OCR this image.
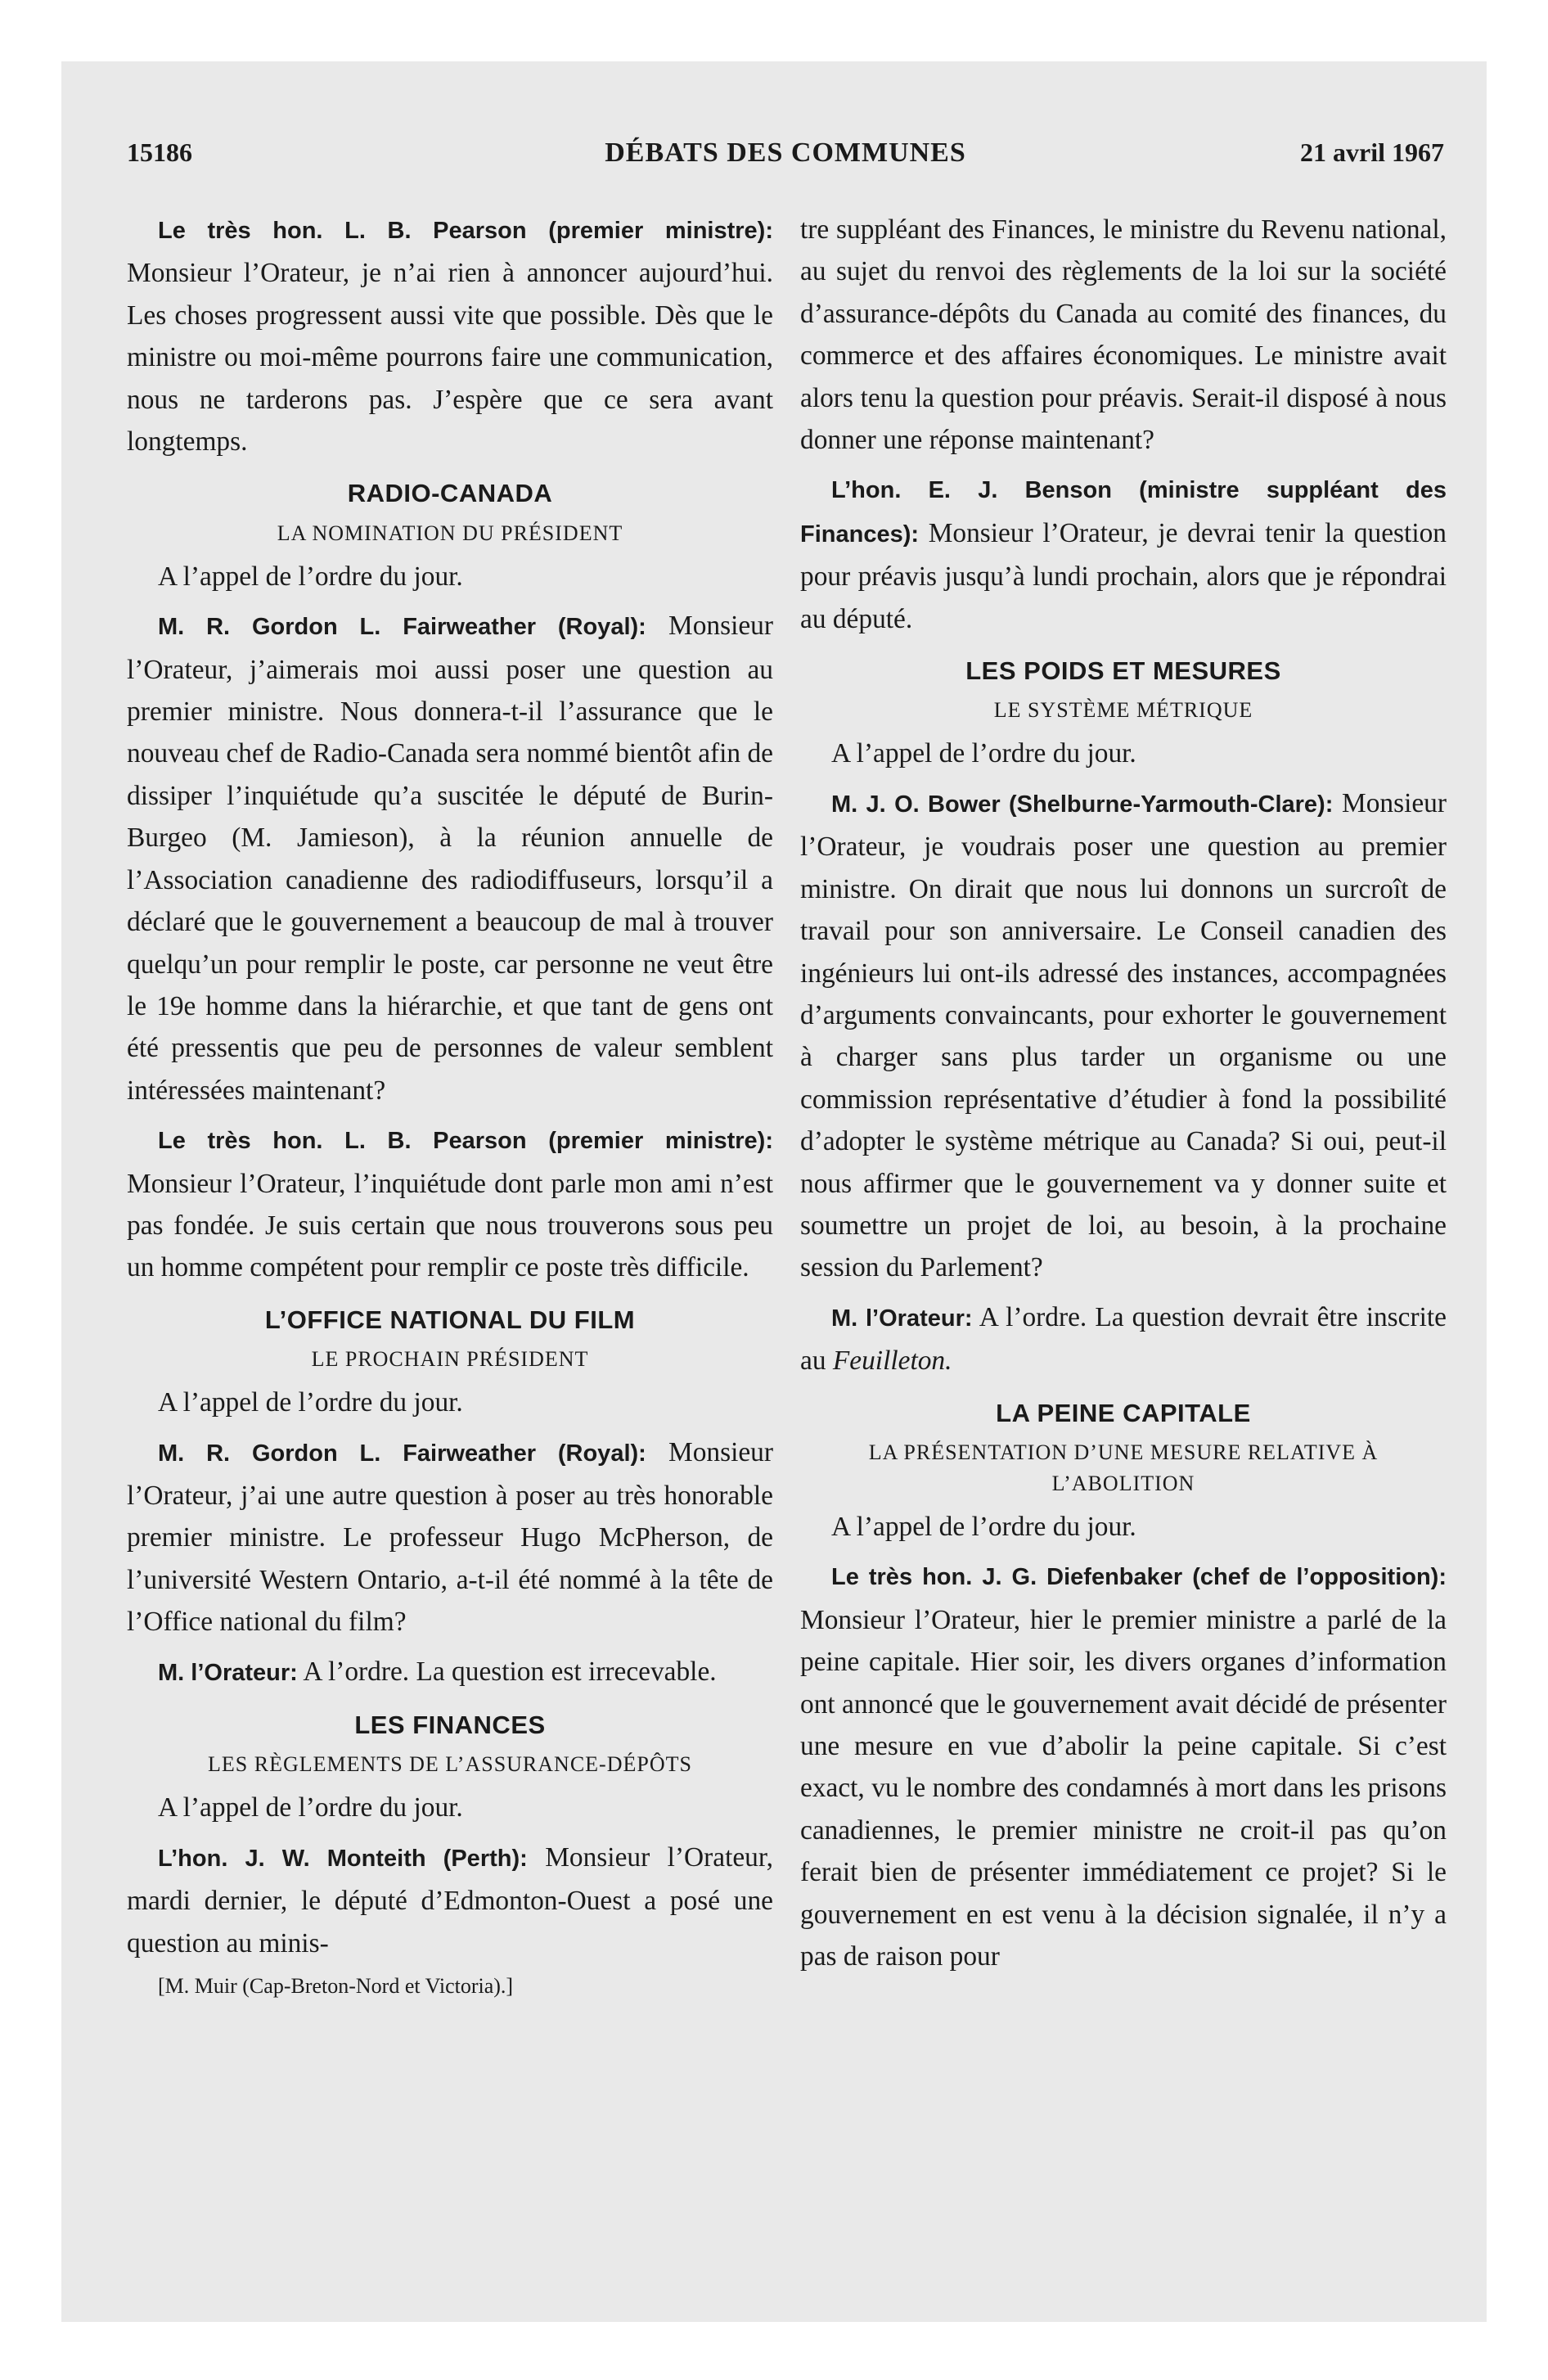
15186	DÉBATS DES COMMUNES	21 avril 1967

Le très hon. L. B. Pearson (premier ministre): Monsieur l’Orateur, je n’ai rien à annoncer aujourd’hui. Les choses progressent aussi vite que possible. Dès que le ministre ou moi-même pourrons faire une communication, nous ne tarderons pas. J’espère que ce sera avant longtemps.

RADIO-CANADA
LA NOMINATION DU PRÉSIDENT

A l’appel de l’ordre du jour.

M. R. Gordon L. Fairweather (Royal): Monsieur l’Orateur, j’aimerais moi aussi poser une question au premier ministre. Nous donnera-t-il l’assurance que le nouveau chef de Radio-Canada sera nommé bientôt afin de dissiper l’inquiétude qu’a suscitée le député de Burin-Burgeo (M. Jamieson), à la réunion annuelle de l’Association canadienne des radiodiffuseurs, lorsqu’il a déclaré que le gouvernement a beaucoup de mal à trouver quelqu’un pour remplir le poste, car personne ne veut être le 19e homme dans la hiérarchie, et que tant de gens ont été pressentis que peu de personnes de valeur semblent intéressées maintenant?

Le très hon. L. B. Pearson (premier ministre): Monsieur l’Orateur, l’inquiétude dont parle mon ami n’est pas fondée. Je suis certain que nous trouverons sous peu un homme compétent pour remplir ce poste très difficile.

L’OFFICE NATIONAL DU FILM
LE PROCHAIN PRÉSIDENT

A l’appel de l’ordre du jour.

M. R. Gordon L. Fairweather (Royal): Monsieur l’Orateur, j’ai une autre question à poser au très honorable premier ministre. Le professeur Hugo McPherson, de l’université Western Ontario, a-t-il été nommé à la tête de l’Office national du film?

M. l’Orateur: A l’ordre. La question est irrecevable.

LES FINANCES
LES RÈGLEMENTS DE L’ASSURANCE-DÉPÔTS

A l’appel de l’ordre du jour.

L’hon. J. W. Monteith (Perth): Monsieur l’Orateur, mardi dernier, le député d’Edmonton-Ouest a posé une question au minis-

[M. Muir (Cap-Breton-Nord et Victoria).]

tre suppléant des Finances, le ministre du Revenu national, au sujet du renvoi des règlements de la loi sur la société d’assurance-dépôts du Canada au comité des finances, du commerce et des affaires économiques. Le ministre avait alors tenu la question pour préavis. Serait-il disposé à nous donner une réponse maintenant?

L’hon. E. J. Benson (ministre suppléant des Finances): Monsieur l’Orateur, je devrai tenir la question pour préavis jusqu’à lundi prochain, alors que je répondrai au député.

LES POIDS ET MESURES
LE SYSTÈME MÉTRIQUE

A l’appel de l’ordre du jour.

M. J. O. Bower (Shelburne-Yarmouth-Clare): Monsieur l’Orateur, je voudrais poser une question au premier ministre. On dirait que nous lui donnons un surcroît de travail pour son anniversaire. Le Conseil canadien des ingénieurs lui ont-ils adressé des instances, accompagnées d’arguments convaincants, pour exhorter le gouvernement à charger sans plus tarder un organisme ou une commission représentative d’étudier à fond la possibilité d’adopter le système métrique au Canada? Si oui, peut-il nous affirmer que le gouvernement va y donner suite et soumettre un projet de loi, au besoin, à la prochaine session du Parlement?

M. l’Orateur: A l’ordre. La question devrait être inscrite au Feuilleton.

LA PEINE CAPITALE
LA PRÉSENTATION D’UNE MESURE RELATIVE À L’ABOLITION

A l’appel de l’ordre du jour.

Le très hon. J. G. Diefenbaker (chef de l’opposition): Monsieur l’Orateur, hier le premier ministre a parlé de la peine capitale. Hier soir, les divers organes d’information ont annoncé que le gouvernement avait décidé de présenter une mesure en vue d’abolir la peine capitale. Si c’est exact, vu le nombre des condamnés à mort dans les prisons canadiennes, le premier ministre ne croit-il pas qu’on ferait bien de présenter immédiatement ce projet? Si le gouvernement en est venu à la décision signalée, il n’y a pas de raison pour
